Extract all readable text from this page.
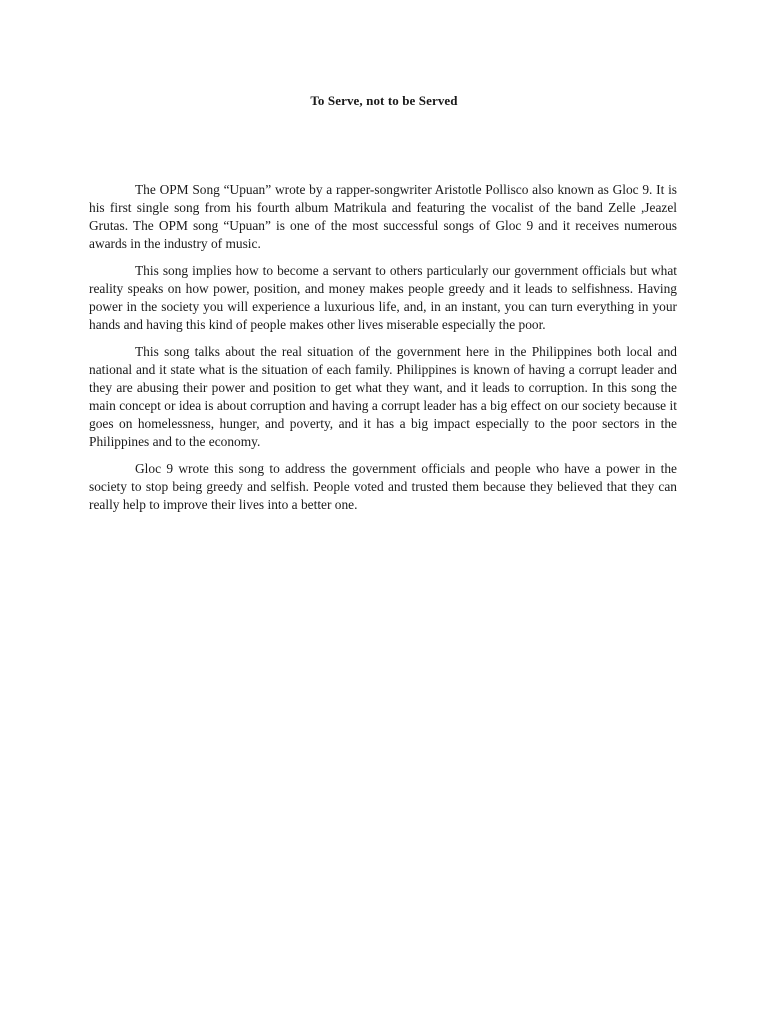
To Serve, not to be Served

The OPM Song “Upuan” wrote by a rapper-songwriter Aristotle Pollisco also known as Gloc 9. It is his first single song from his fourth album Matrikula and featuring the vocalist of the band Zelle ,Jeazel Grutas. The OPM song “Upuan” is one of the most successful songs of Gloc 9 and it receives numerous awards in the industry of music.

This song implies how to become a servant to others particularly our government officials but what reality speaks on how power, position, and money makes people greedy and it leads to selfishness. Having power in the society you will experience a luxurious life, and, in an instant, you can turn everything in your hands and having this kind of people makes other lives miserable especially the poor.

This song talks about the real situation of the government here in the Philippines both local and national and it state what is the situation of each family. Philippines is known of having a corrupt leader and they are abusing their power and position to get what they want, and it leads to corruption. In this song the main concept or idea is about corruption and having a corrupt leader has a big effect on our society because it goes on homelessness, hunger, and poverty, and it has a big impact especially to the poor sectors in the Philippines and to the economy.

Gloc 9 wrote this song to address the government officials and people who have a power in the society to stop being greedy and selfish. People voted and trusted them because they believed that they can really help to improve their lives into a better one.
